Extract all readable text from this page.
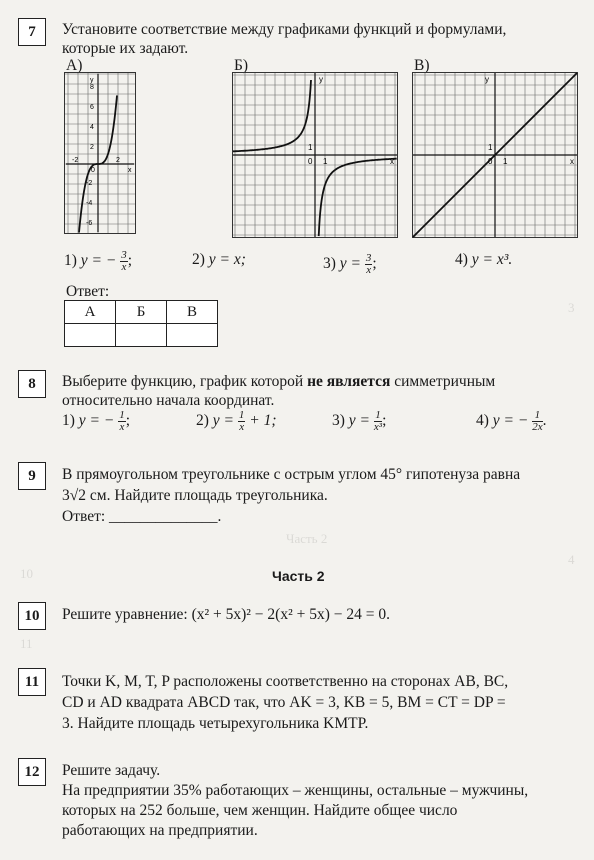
Часть 2
10
11
4
3
7	Установите соответствие между графиками функций и формулами,
которые их задают.
А)	Б)	В)
y
8
6
4
2
-2
-4
-6
-2
0
2
x
y
1
0 1	x
y
1
0 1	x
1) y = − $\frac{3}{x}$ ;	2) y = x;	3) $y = \frac{3}{x}$ ;	4) y = x³.
Ответ:
А	Б	В

8	Выберите функцию, график которой не является симметричным
относительно начала координат.
1) y = − $\frac{1}{x}$ ;	2) $y = \frac{1}{x} + 1$;	3) $y = \frac{1}{\text{x³}}$ ;	4) y = − $\frac{1}{2x}$ .
9	В прямоугольном треугольнике с острым углом 45° гипотенуза равна
3√2 см. Найдите площадь треугольника.
Ответ: ______________.
Часть 2
10	Решите уравнение: (x² + 5x)² − 2(x² + 5x) − 24 = 0.
11	Точки K, M, T, P расположены соответственно на сторонах AB, BC,
CD и AD квадрата ABCD так, что AK = 3, KB = 5, BM = CT = DP =
3. Найдите площадь четырехугольника KMTP.
12	Решите задачу.
На предприятии 35% работающих – женщины, остальные – мужчины,
которых на 252 больше, чем женщин. Найдите общее число
работающих на предприятии.
